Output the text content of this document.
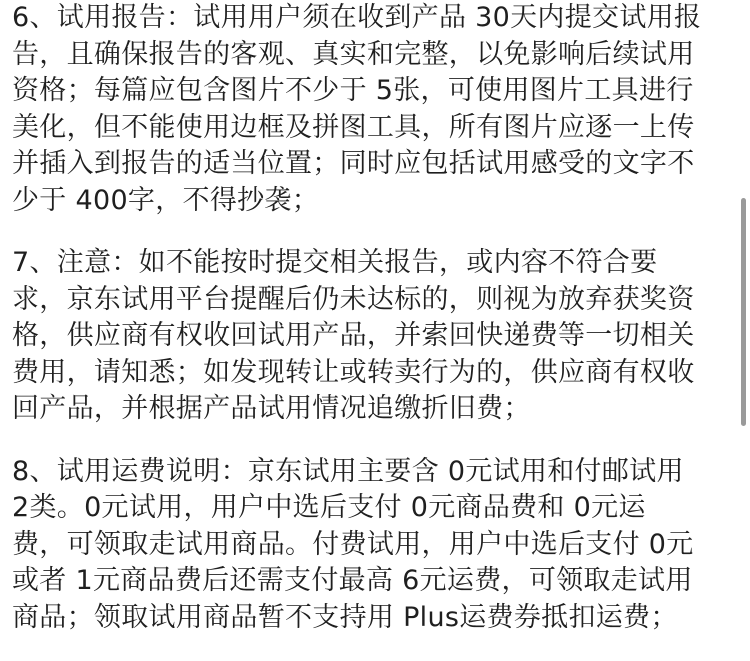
6、试用报告：试用用户须在收到产品 30天内提交试用报
告，且确保报告的客观、真实和完整，以免影响后续试用
资格；每篇应包含图片不少于 5张，可使用图片工具进行
美化，但不能使用边框及拼图工具，所有图片应逐一上传
并插入到报告的适当位置；同时应包括试用感受的文字不
少于 400字，不得抄袭；
7、注意：如不能按时提交相关报告，或内容不符合要
求，京东试用平台提醒后仍未达标的，则视为放弃获奖资
格，供应商有权收回试用产品，并索回快递费等一切相关
费用，请知悉；如发现转让或转卖行为的，供应商有权收
回产品，并根据产品试用情况追缴折旧费；
8、试用运费说明：京东试用主要含 0元试用和付邮试用
2类。0元试用，用户中选后支付 0元商品费和 0元运
费，可领取走试用商品。付费试用，用户中选后支付 0元
或者 1元商品费后还需支付最高 6元运费，可领取走试用
商品；领取试用商品暂不支持用 Plus运费券抵扣运费；
